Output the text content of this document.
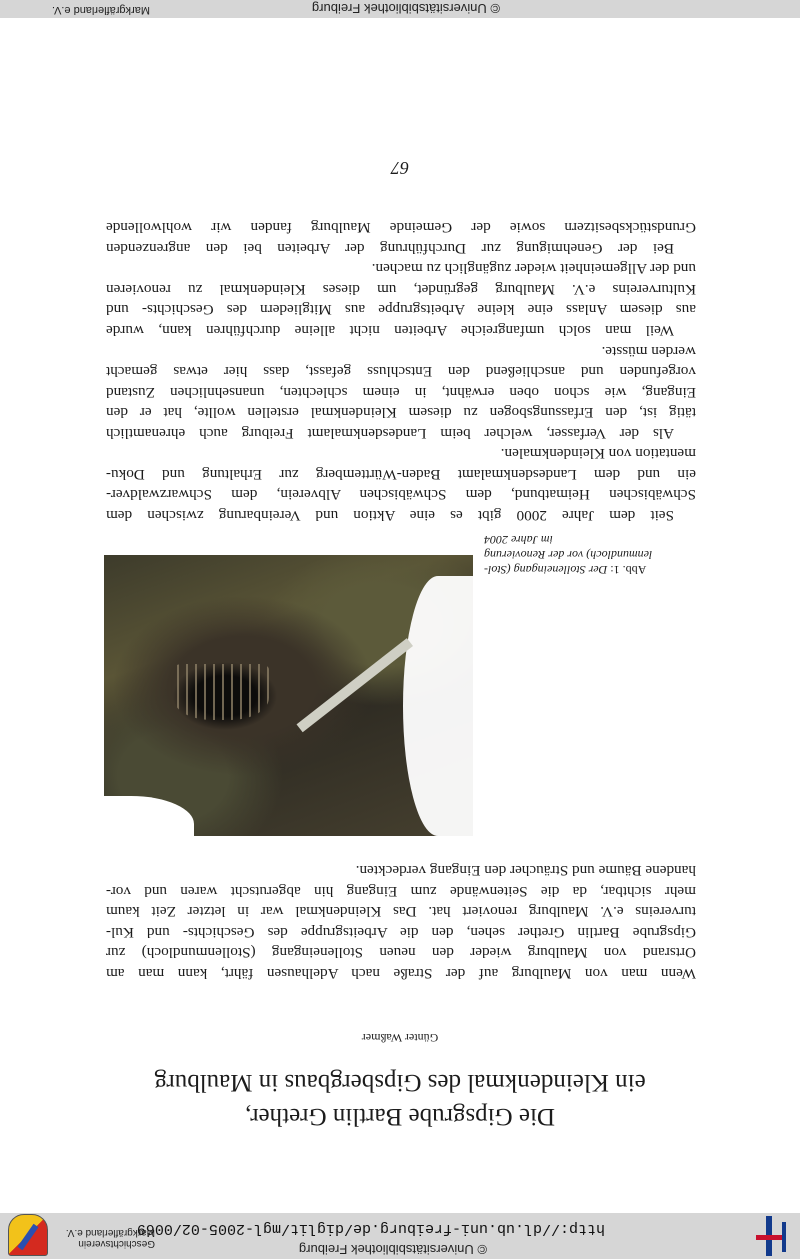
© Universitätsbibliothek Freiburg
http://dl.ub.uni-freiburg.de/diglit/mgl-2005-02/0069
Geschichtsverein
Markgräflerland e.V.
Die Gipsgrube Bartlin Grether,
ein Kleindenkmal des Gipsbergbaus in Maulburg
Günter Waßmer
Wenn man von Maulburg auf der Straße nach Adelhausen fährt, kann man am
Ortsrand von Maulburg wieder den neuen Stolleneingang (Stollenmundloch) zur
Gipsgrube Bartlin Grether sehen, den die Arbeitsgruppe des Geschichts- und Kul-
turvereins e.V. Maulburg renoviert hat. Das Kleindenkmal war in letzter Zeit kaum
mehr sichtbar, da die Seitenwände zum Eingang hin abgerutscht waren und vor-
handene Bäume und Sträucher den Eingang verdeckten.
Abb. 1: Der Stolleneingang (Stol-
lenmundloch) vor der Renovierung
im Jahre 2004
Seit dem Jahre 2000 gibt es eine Aktion und Vereinbarung zwischen dem
Schwäbischen Heimatbund, dem Schwäbischen Albverein, dem Schwarzwaldver-
ein und dem Landesdenkmalamt Baden-Württemberg zur Erhaltung und Doku-
mentation von Kleindenkmalen.
Als der Verfasser, welcher beim Landesdenkmalamt Freiburg auch ehrenamtlich
tätig ist, den Erfassungsbogen zu diesem Kleindenkmal erstellen wollte, hat er den
Eingang, wie schon oben erwähnt, in einem schlechten, unansehnlichen Zustand
vorgefunden und anschließend den Entschluss gefasst, dass hier etwas gemacht
werden müsste.
Weil man solch umfangreiche Arbeiten nicht alleine durchführen kann, wurde
aus diesem Anlass eine kleine Arbeitsgruppe aus Mitgliedern des Geschichts- und
Kulturvereins e.V. Maulburg gegründet, um dieses Kleindenkmal zu renovieren
und der Allgemeinheit wieder zugänglich zu machen.
Bei der Genehmigung zur Durchführung der Arbeiten bei den angrenzenden
Grundstücksbesitzern sowie der Gemeinde Maulburg fanden wir wohlwollende
67
© Universitätsbibliothek Freiburg
Markgräflerland e.V.
